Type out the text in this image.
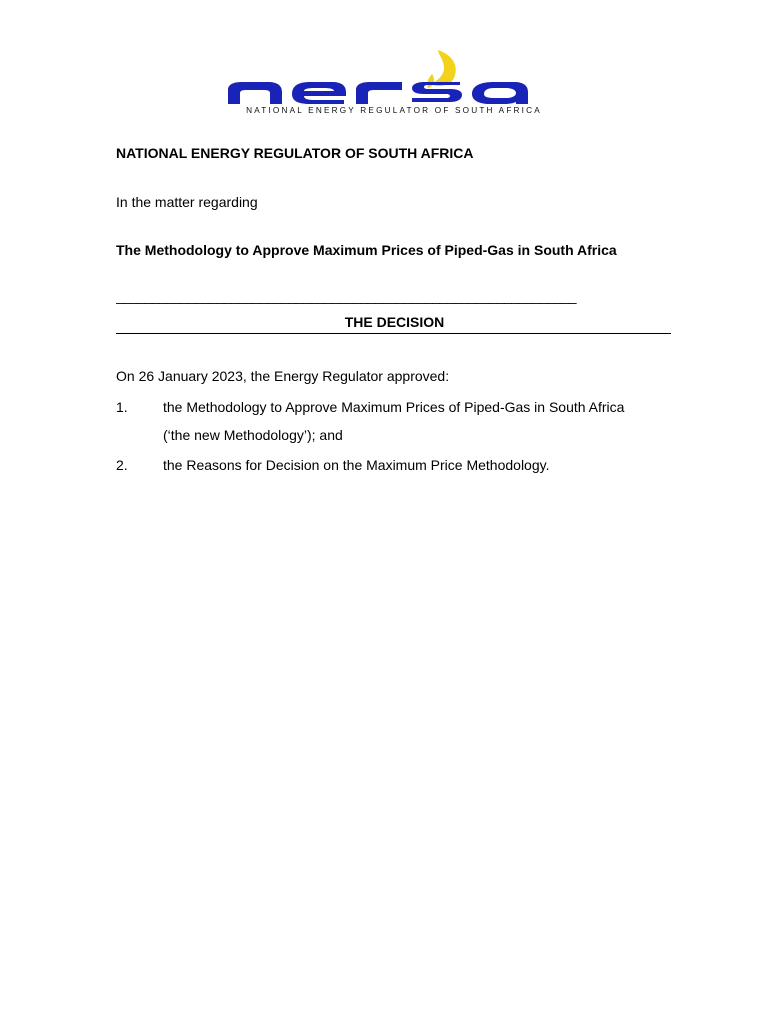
NATIONAL ENERGY REGULATOR OF SOUTH AFRICA
NATIONAL ENERGY REGULATOR OF SOUTH AFRICA
In the matter regarding
The Methodology to Approve Maximum Prices of Piped-Gas in South Africa
________________________________________________________________
THE DECISION
On 26 January 2023, the Energy Regulator approved:
1.	the Methodology to Approve Maximum Prices of Piped-Gas in South Africa
(‘the new Methodology’); and
2.	the Reasons for Decision on the Maximum Price Methodology.
